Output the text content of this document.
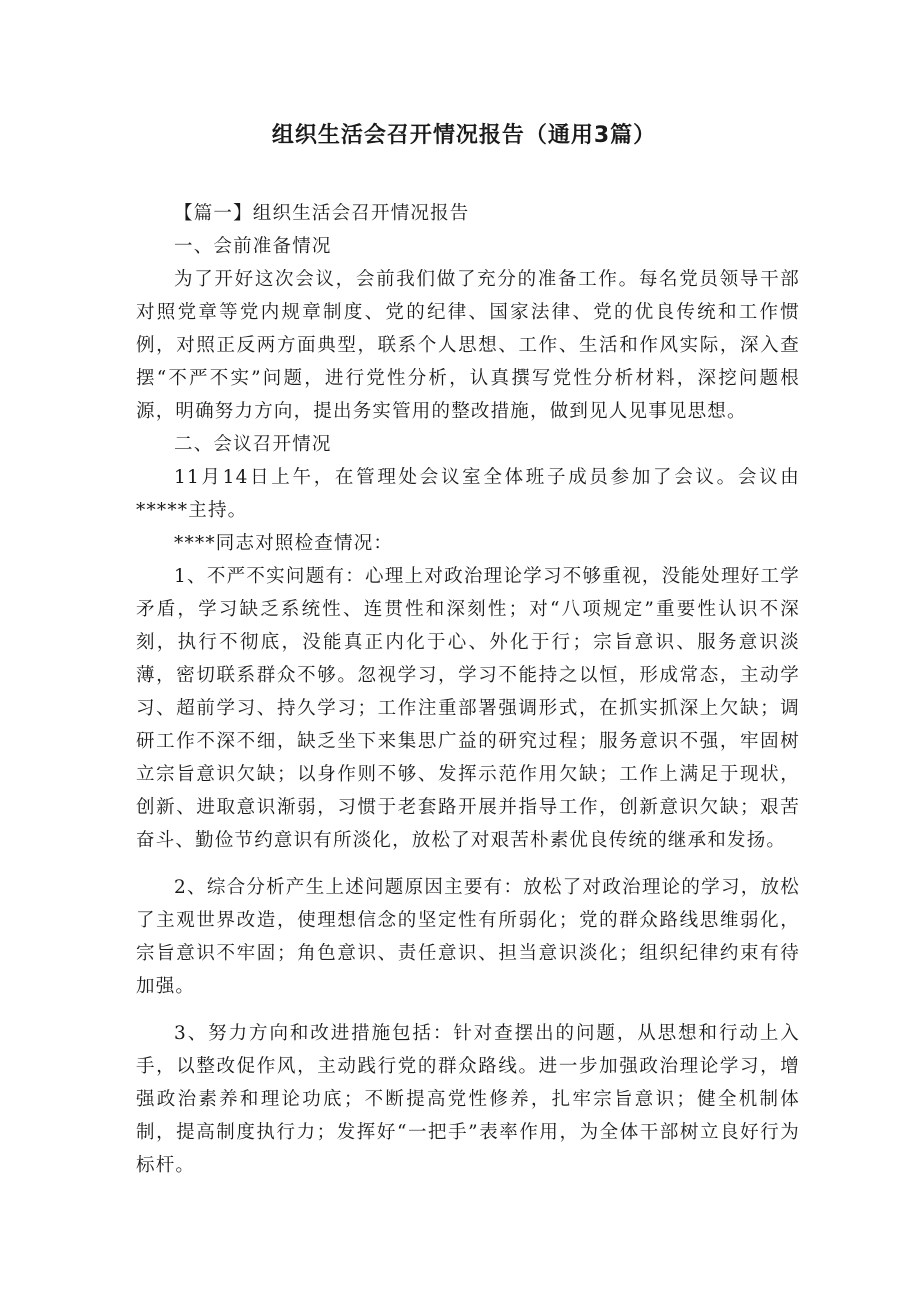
组织生活会召开情况报告（通用3篇）

【篇一】组织生活会召开情况报告

一、会前准备情况

为了开好这次会议，会前我们做了充分的准备工作。每名党员领导干部对照党章等党内规章制度、党的纪律、国家法律、党的优良传统和工作惯例，对照正反两方面典型，联系个人思想、工作、生活和作风实际，深入查摆“不严不实”问题，进行党性分析，认真撰写党性分析材料，深挖问题根源，明确努力方向，提出务实管用的整改措施，做到见人见事见思想。

二、会议召开情况

11月14日上午，在管理处会议室全体班子成员参加了会议。会议由*****主持。

****同志对照检查情况：

1、不严不实问题有：心理上对政治理论学习不够重视，没能处理好工学矛盾，学习缺乏系统性、连贯性和深刻性；对“八项规定”重要性认识不深刻，执行不彻底，没能真正内化于心、外化于行；宗旨意识、服务意识淡薄，密切联系群众不够。忽视学习，学习不能持之以恒，形成常态，主动学习、超前学习、持久学习；工作注重部署强调形式，在抓实抓深上欠缺；调研工作不深不细，缺乏坐下来集思广益的研究过程；服务意识不强，牢固树立宗旨意识欠缺；以身作则不够、发挥示范作用欠缺；工作上满足于现状，创新、进取意识渐弱，习惯于老套路开展并指导工作，创新意识欠缺；艰苦奋斗、勤俭节约意识有所淡化，放松了对艰苦朴素优良传统的继承和发扬。

2、综合分析产生上述问题原因主要有：放松了对政治理论的学习，放松了主观世界改造，使理想信念的坚定性有所弱化；党的群众路线思维弱化，宗旨意识不牢固；角色意识、责任意识、担当意识淡化；组织纪律约束有待加强。

3、努力方向和改进措施包括：针对查摆出的问题，从思想和行动上入手，以整改促作风，主动践行党的群众路线。进一步加强政治理论学习，增强政治素养和理论功底；不断提高党性修养，扎牢宗旨意识；健全机制体制，提高制度执行力；发挥好“一把手”表率作用，为全体干部树立良好行为标杆。
